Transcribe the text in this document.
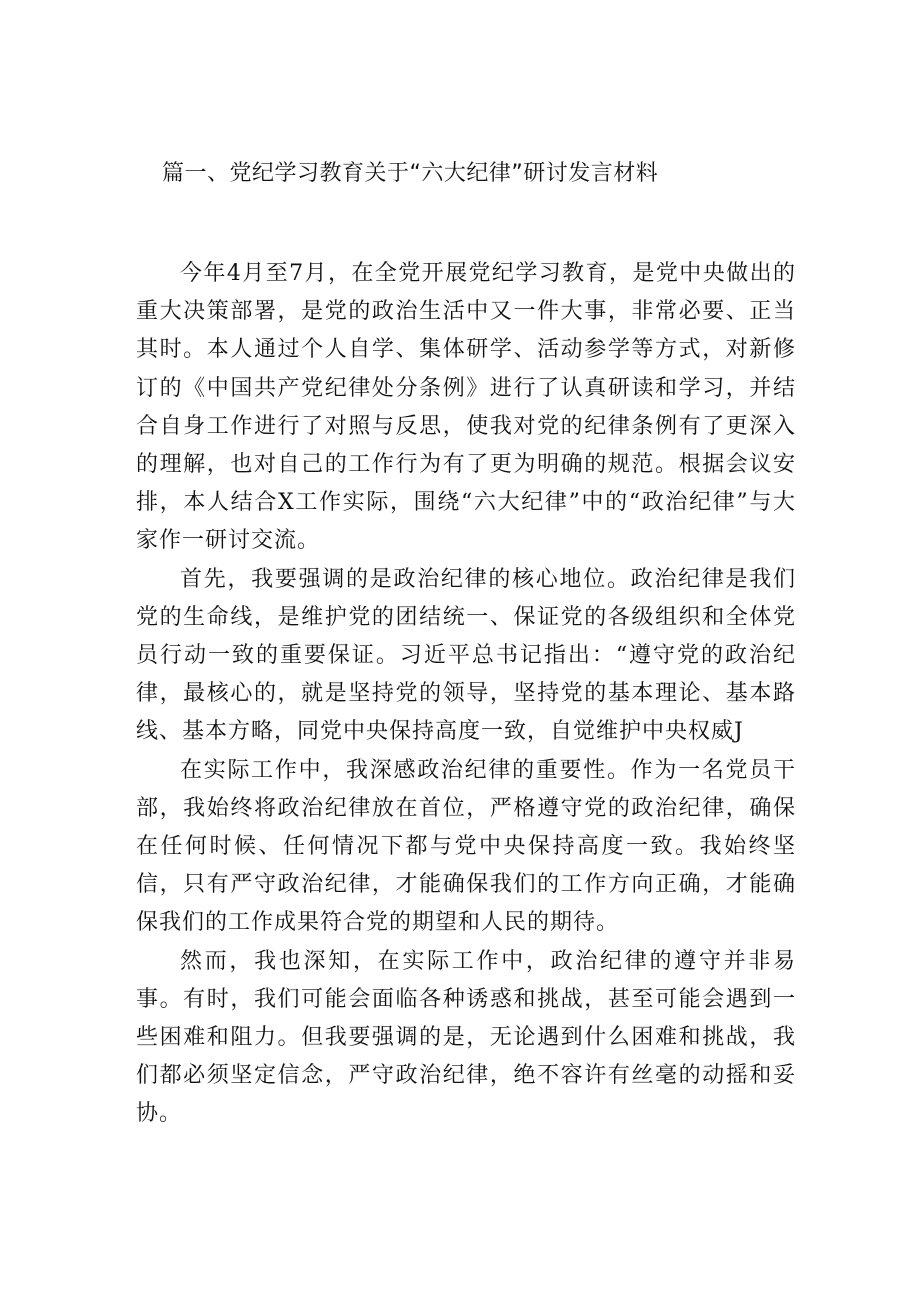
篇一、党纪学习教育关于“六大纪律”研讨发言材料

今年4月至7月，在全党开展党纪学习教育，是党中央做出的重大决策部署，是党的政治生活中又一件大事，非常必要、正当其时。本人通过个人自学、集体研学、活动参学等方式，对新修订的《中国共产党纪律处分条例》进行了认真研读和学习，并结合自身工作进行了对照与反思，使我对党的纪律条例有了更深入的理解，也对自己的工作行为有了更为明确的规范。根据会议安排，本人结合X工作实际，围绕“六大纪律”中的“政治纪律”与大家作一研讨交流。

首先，我要强调的是政治纪律的核心地位。政治纪律是我们党的生命线，是维护党的团结统一、保证党的各级组织和全体党员行动一致的重要保证。习近平总书记指出：“遵守党的政治纪律，最核心的，就是坚持党的领导，坚持党的基本理论、基本路线、基本方略，同党中央保持高度一致，自觉维护中央权威J

在实际工作中，我深感政治纪律的重要性。作为一名党员干部，我始终将政治纪律放在首位，严格遵守党的政治纪律，确保在任何时候、任何情况下都与党中央保持高度一致。我始终坚信，只有严守政治纪律，才能确保我们的工作方向正确，才能确保我们的工作成果符合党的期望和人民的期待。

然而，我也深知，在实际工作中，政治纪律的遵守并非易事。有时，我们可能会面临各种诱惑和挑战，甚至可能会遇到一些困难和阻力。但我要强调的是，无论遇到什么困难和挑战，我们都必须坚定信念，严守政治纪律，绝不容许有丝毫的动摇和妥协。
